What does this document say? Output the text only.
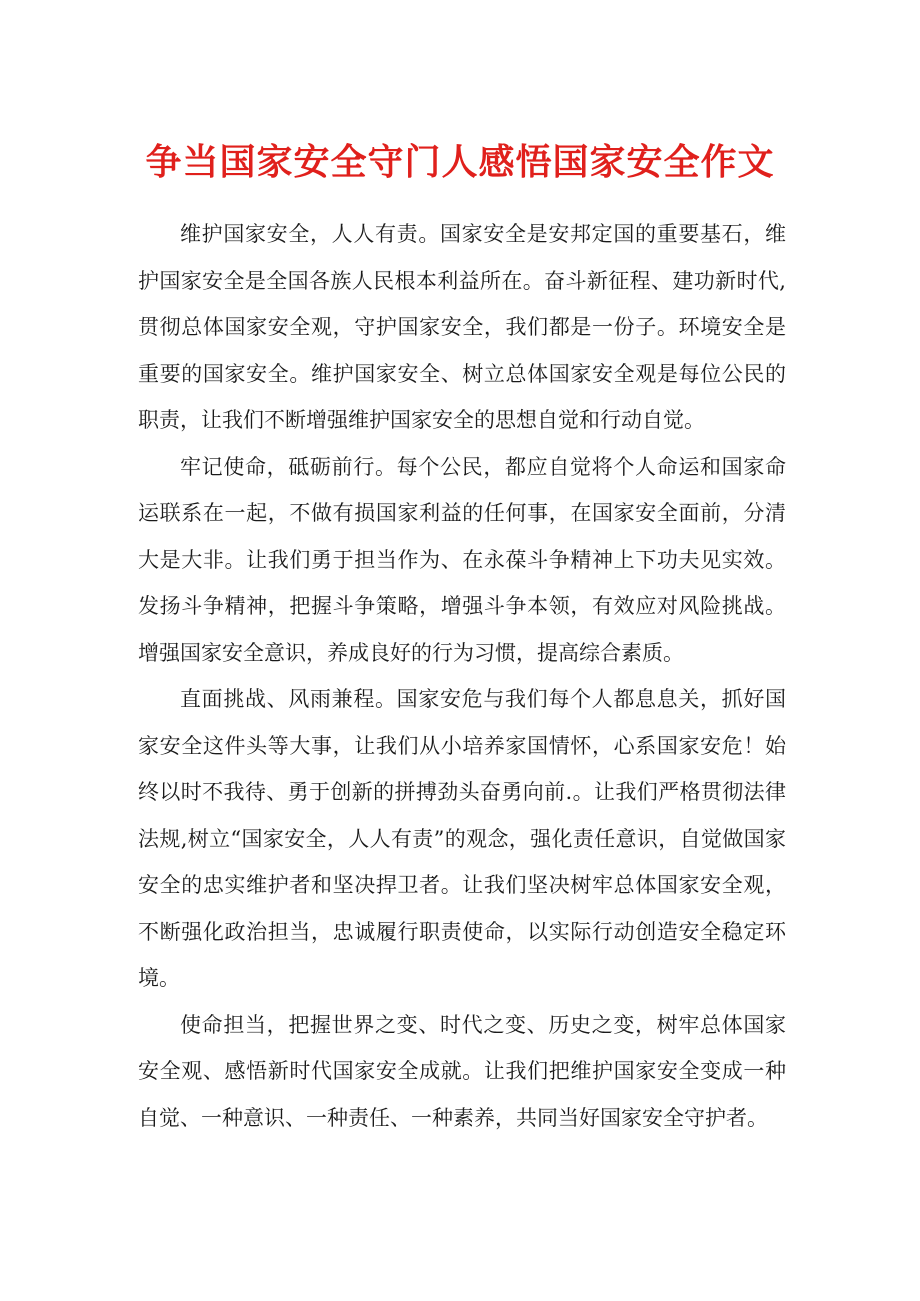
争当国家安全守门人感悟国家安全作文

维护国家安全，人人有责。国家安全是安邦定国的重要基石，维护国家安全是全国各族人民根本利益所在。奋斗新征程、建功新时代,贯彻总体国家安全观，守护国家安全，我们都是一份子。环境安全是重要的国家安全。维护国家安全、树立总体国家安全观是每位公民的职责，让我们不断增强维护国家安全的思想自觉和行动自觉。

牢记使命，砥砺前行。每个公民，都应自觉将个人命运和国家命运联系在一起，不做有损国家利益的任何事，在国家安全面前，分清大是大非。让我们勇于担当作为、在永葆斗争精神上下功夫见实效。发扬斗争精神，把握斗争策略，增强斗争本领，有效应对风险挑战。增强国家安全意识，养成良好的行为习惯，提高综合素质。

直面挑战、风雨兼程。国家安危与我们每个人都息息关，抓好国家安全这件头等大事，让我们从小培养家国情怀，心系国家安危！始终以时不我待、勇于创新的拼搏劲头奋勇向前.。让我们严格贯彻法律法规,树立“国家安全，人人有责”的观念，强化责任意识，自觉做国家安全的忠实维护者和坚决捍卫者。让我们坚决树牢总体国家安全观，不断强化政治担当，忠诚履行职责使命，以实际行动创造安全稳定环境。

使命担当，把握世界之变、时代之变、历史之变，树牢总体国家安全观、感悟新时代国家安全成就。让我们把维护国家安全变成一种自觉、一种意识、一种责任、一种素养，共同当好国家安全守护者。
